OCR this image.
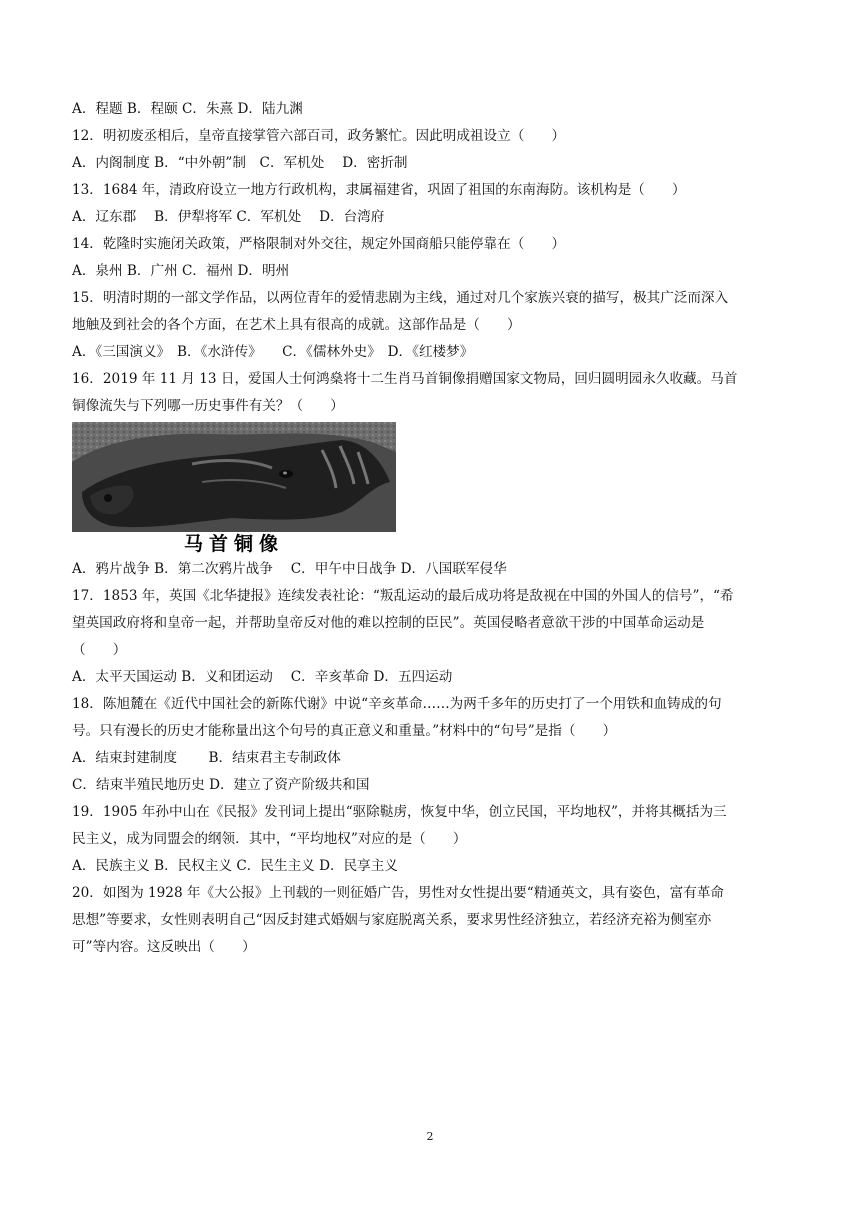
A．程题 B．程颐 C．朱熹 D．陆九渊
12．明初废丞相后，皇帝直接掌管六部百司，政务繁忙。因此明成祖设立（　　）
A．内阁制度 B．“中外朝”制　C．军机处　 D．密折制
13．1684 年，清政府设立一地方行政机构，隶属福建省，巩固了祖国的东南海防。该机构是（　　）
A．辽东郡　 B．伊犁将军 C．军机处　 D．台湾府
14．乾隆时实施闭关政策，严格限制对外交往，规定外国商船只能停靠在（　　）
A．泉州 B．广州 C．福州 D．明州
15．明清时期的一部文学作品，以两位青年的爱情悲剧为主线，通过对几个家族兴衰的描写，极其广泛而深入
地触及到社会的各个方面，在艺术上具有很高的成就。这部作品是（　　）
A．《三国演义》　B．《水浒传》　　C．《儒林外史》　D．《红楼梦》
16．2019 年 11 月 13 日，爱国人士何鸿燊将十二生肖马首铜像捐赠国家文物局，回归圆明园永久收藏。马首
铜像流失与下列哪一历史事件有关？（　　）
马首铜像
A．鸦片战争 B．第二次鸦片战争　 C．甲午中日战争 D．八国联军侵华
17．1853 年，英国《北华捷报》连续发表社论：“叛乱运动的最后成功将是敌视在中国的外国人的信号”，“希
望英国政府将和皇帝一起，并帮助皇帝反对他的难以控制的臣民”。英国侵略者意欲干涉的中国革命运动是
（　　）
A．太平天国运动 B．义和团运动　 C．辛亥革命 D．五四运动
18．陈旭麓在《近代中国社会的新陈代谢》中说“辛亥革命……为两千多年的历史打了一个用铁和血铸成的句
号。只有漫长的历史才能称量出这个句号的真正意义和重量。”材料中的“句号”是指（　　）
A．结束封建制度　　 B．结束君主专制政体
C．结束半殖民地历史 D．建立了资产阶级共和国
19．1905 年孙中山在《民报》发刊词上提出“驱除鞑虏，恢复中华，创立民国，平均地权”，并将其概括为三
民主义，成为同盟会的纲领．其中，“平均地权”对应的是（　　）
A．民族主义 B．民权主义 C．民生主义 D．民享主义
20．如图为 1928 年《大公报》上刊载的一则征婚广告，男性对女性提出要“精通英文，具有姿色，富有革命
思想”等要求，女性则表明自己“因反封建式婚姻与家庭脱离关系，要求男性经济独立，若经济充裕为侧室亦
可”等内容。这反映出（　　）
2
